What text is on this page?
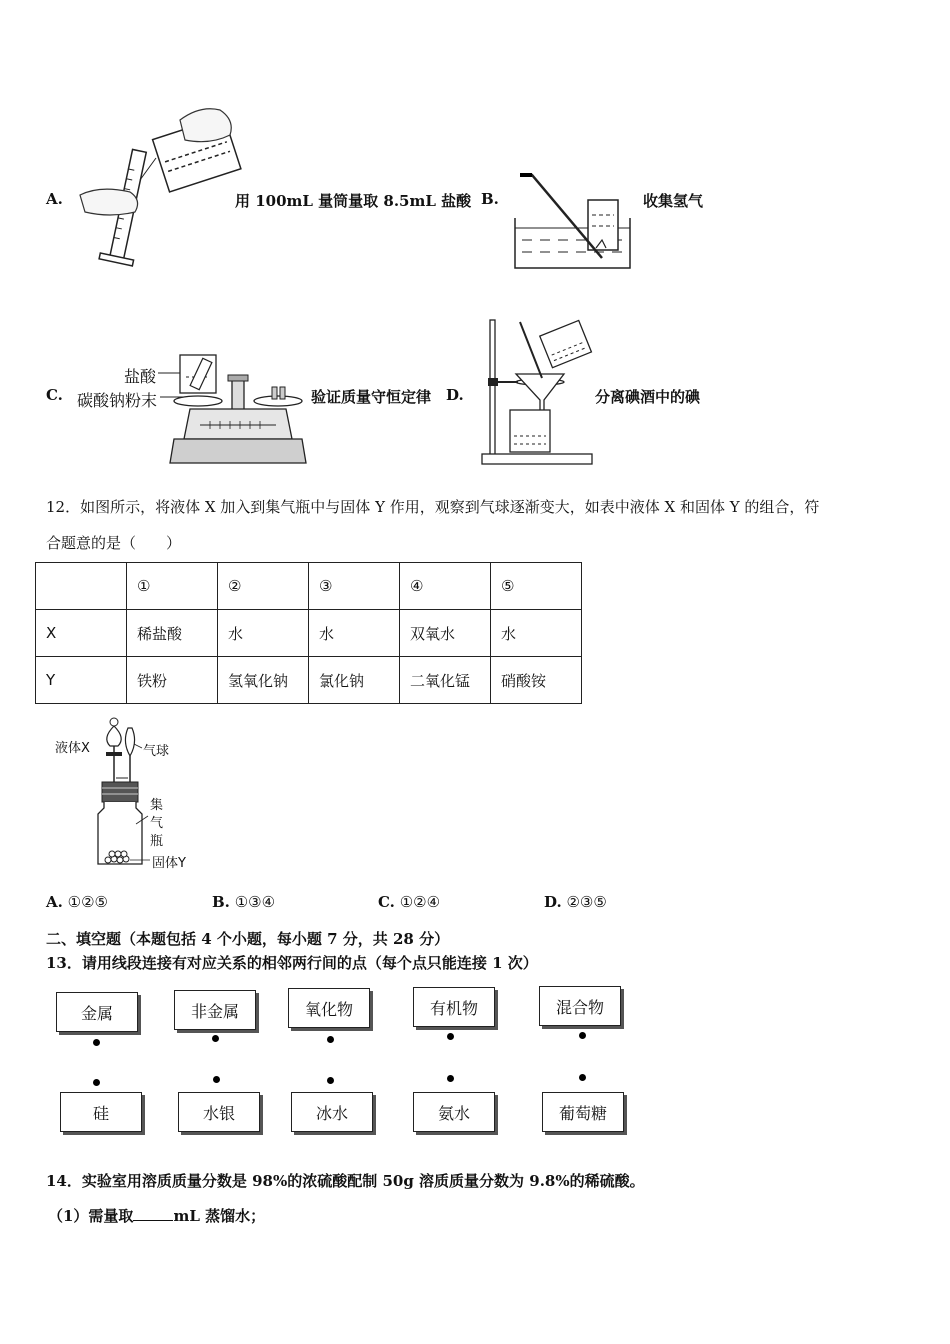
A.	用 100mL 量筒量取 8.5mL 盐酸 B.	收集氢气
C.
盐酸
碳酸钠粉末	验证质量守恒定律 D.	分离碘酒中的碘
12．如图所示，将液体 X 加入到集气瓶中与固体 Y 作用，观察到气球逐渐变大，如表中液体 X 和固体 Y 的组合，符
合题意的是（　　）
	①	②	③	④	⑤
X	稀盐酸	水	水	双氧水	水
Y	铁粉	氢氧化钠	氯化钠	二氧化锰	硝酸铵
液体X	气球
集
气
瓶
固体Y
A. ①②⑤	B. ①③④	C. ①②④	D. ②③⑤
二、填空题（本题包括 4 个小题，每小题 7 分，共 28 分）
13．请用线段连接有对应关系的相邻两行间的点（每个点只能连接 1 次）
金属	非金属	氧化物	有机物	混合物
硅	水银	冰水	氨水	葡萄糖
14．实验室用溶质质量分数是 98%的浓硫酸配制 50g 溶质质量分数为 9.8%的稀硫酸。
（1）需量取	mL 蒸馏水；
